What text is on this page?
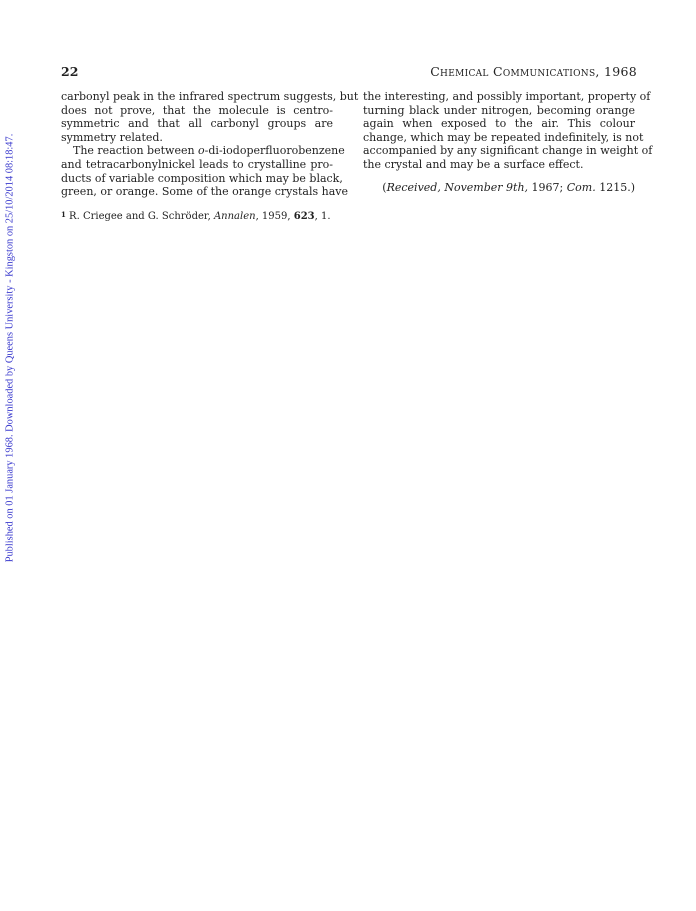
Published on 01 January 1968. Downloaded by Queens University - Kingston on 25/10/2014 08:18:47.
22	Chemical Communications, 1968
carbonyl peak in the infrared spectrum suggests, but
does not prove, that the molecule is centro-
symmetric and that all carbonyl groups are
symmetry related.
The reaction between o-di-iodoperfluorobenzene
and tetracarbonylnickel leads to crystalline pro-
ducts of variable composition which may be black,
green, or orange. Some of the orange crystals have
the interesting, and possibly important, property of
turning black under nitrogen, becoming orange
again when exposed to the air. This colour
change, which may be repeated indefinitely, is not
accompanied by any significant change in weight of
the crystal and may be a surface effect.
(Received, November 9th, 1967; Com. 1215.)
$^1$ R. Criegee and G. Schröder, Annalen, 1959, 623, 1.
